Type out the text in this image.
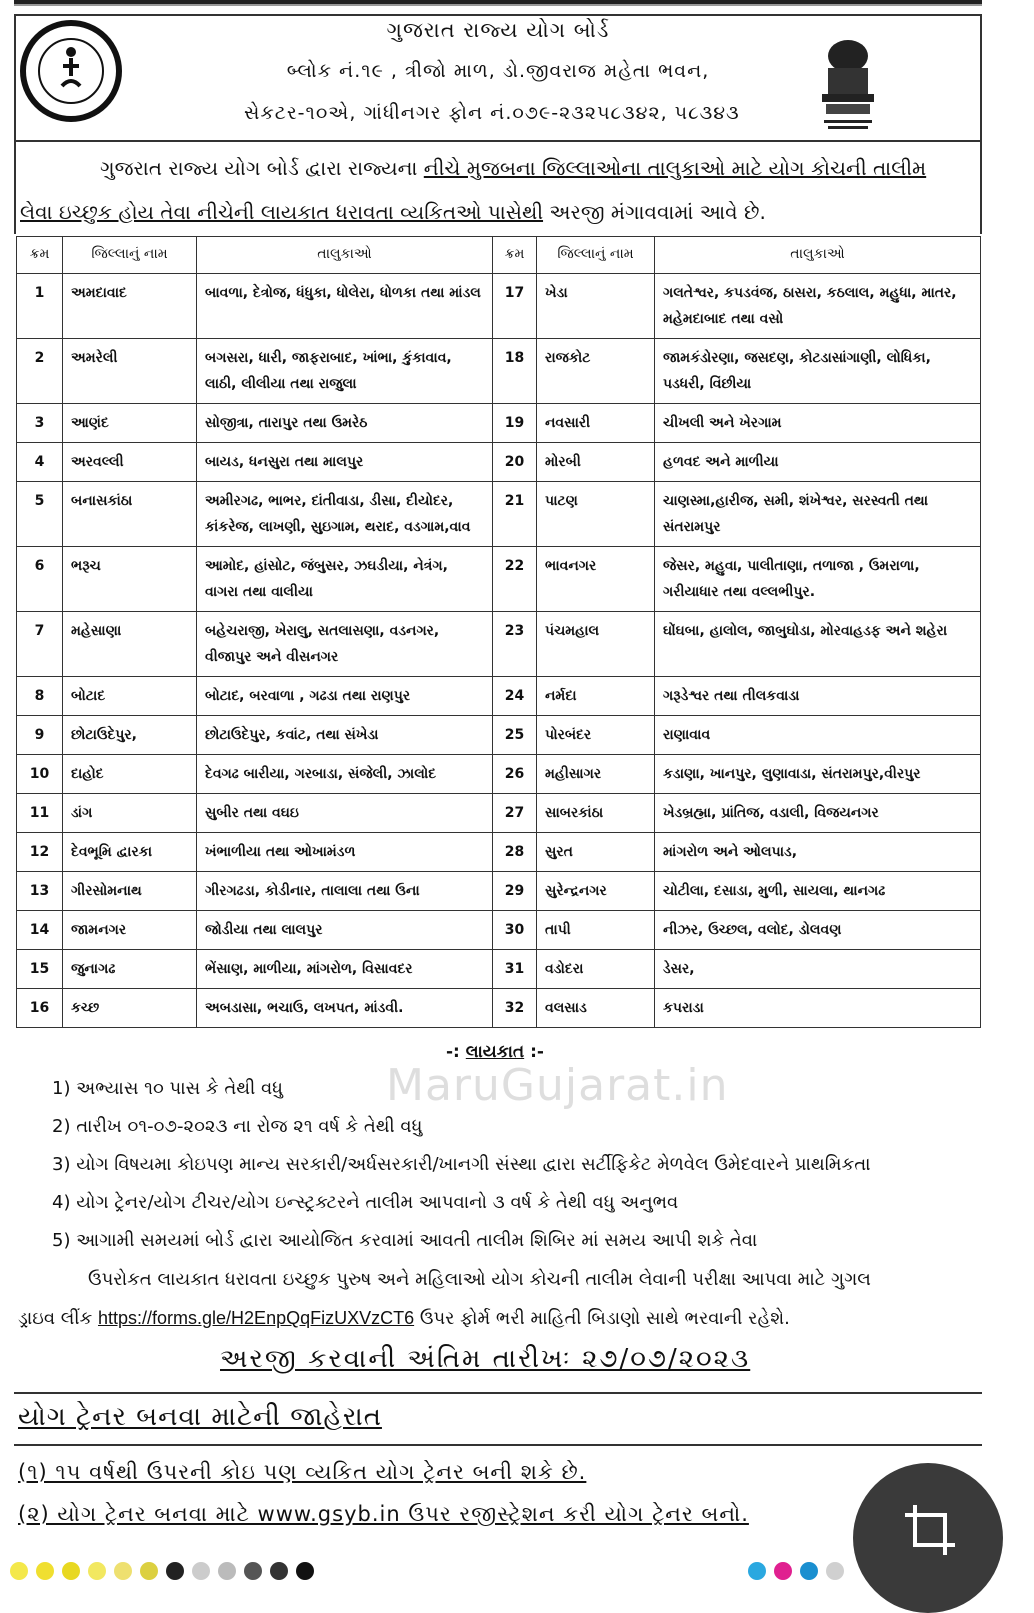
ગુજરાત રાજ્ય યોગ બોર્ડ
બ્લોક નં.૧૯ , ત્રીજો માળ, ડો.જીવરાજ મહેતા ભવન,
સેકટર-૧૦એ, ગાંધીનગર ફોન નં.૦૭૯-૨૩૨૫૮૩૪૨, ૫૮૩૪૩

ગુજરાત રાજ્ય યોગ બોર્ડ દ્વારા રાજ્યના નીચે મુજબના જિલ્લાઓના તાલુકાઓ માટે યોગ કોચની તાલીમ

લેવા ઇચ્છુક હોય તેવા નીચેની લાયકાત ધરાવતા વ્યકિતઓ પાસેથી અરજી મંગાવવામાં આવે છે.

ક્રમ	જિલ્લાનું નામ	તાલુકાઓ	ક્રમ	જિલ્લાનું નામ	તાલુકાઓ
1	અમદાવાદ	બાવળા, દેત્રોજ, ધંધુકા, ધોલેરા, ધોળકા તથા માંડલ	17	ખેડા	ગલતેશ્વર, કપડવંજ, ઠાસરા, કઠલાલ, મહુધા, માતર, મહેમદાબાદ તથા વસો
2	અમરેલી	બગસરા, ધારી, જાફરાબાદ, ખાંભા, કુંકાવાવ, લાઠી, લીલીયા તથા રાજુલા	18	રાજકોટ	જામકંડોરણા, જસદણ, કોટડાસાંગાણી, લોધિકા, પડધરી, વિંછીયા
3	આણંદ	સોજીત્રા, તારાપુર તથા ઉમરેઠ	19	નવસારી	ચીખલી અને ખેરગામ
4	અરવલ્લી	બાયડ, ધનસુરા તથા માલપુર	20	મોરબી	હળવદ અને માળીયા
5	બનાસકાંઠા	અમીરગઢ, ભાભર, દાંતીવાડા, ડીસા, દીયોદર, કાંકરેજ, લાખણી, સુઇગામ, થરાદ, વડગામ,વાવ	21	પાટણ	ચાણસ્મા,હારીજ, સમી, શંખેશ્વર, સરસ્વતી તથા સંતરામપુર
6	ભરૂચ	આમોદ, હાંસોટ, જંબુસર, ઝઘડીયા, નેત્રંગ, વાગરા તથા વાલીયા	22	ભાવનગર	જેસર, મહુવા, પાલીતાણા, તળાજા , ઉમરાળા, ગરીયાધાર તથા વલ્લભીપુર.
7	મહેસાણા	બહેચરાજી, ખેરાલુ, સતલાસણા, વડનગર, વીજાપુર અને વીસનગર	23	પંચમહાલ	ઘોંઘબા, હાલોલ, જાબુઘોડા, મોરવાહડફ અને શહેરા
8	બોટાદ	બોટાદ, બરવાળા , ગઢડા તથા રાણપુર	24	નર્મદા	ગરૂડેશ્વર તથા તીલકવાડા
9	છોટાઉદેપુર,	છોટાઉદેપુર, કવાંટ, તથા સંખેડા	25	પોરબંદર	રાણાવાવ
10	દાહોદ	દેવગઢ બારીયા, ગરબાડા, સંજેલી, ઝાલોદ	26	મહીસાગર	કડાણા, ખાનપુર, લુણાવાડા, સંતરામપુર,વીરપુર
11	ડાંગ	સુબીર તથા વઘઇ	27	સાબરકાંઠા	ખેડબ્રહ્મા, પ્રાંતિજ, વડાલી, વિજયનગર
12	દેવભૂમિ દ્વારકા	ખંભાળીયા તથા ઓખામંડળ	28	સુરત	માંગરોળ અને ઓલપાડ,
13	ગીરસોમનાથ	ગીરગઢડા, કોડીનાર, તાલાલા તથા ઉના	29	સુરેન્દ્રનગર	ચોટીલા, દસાડા, મુળી, સાયલા, થાનગઢ
14	જામનગર	જોડીયા તથા લાલપુર	30	તાપી	નીઝર, ઉચ્છલ, વલોદ, ડોલવણ
15	જુનાગઢ	ભેંસાણ, માળીયા, માંગરોળ, વિસાવદર	31	વડોદરા	ડેસર,
16	કચ્છ	અબડાસા, ભચાઉ, લખપત, માંડવી.	32	વલસાડ	કપરાડા
-: લાયકાત :-
MaruGujarat.in
1) અભ્યાસ ૧૦ પાસ કે તેથી વધુ
2) તારીખ ૦૧-૦૭-૨૦૨૩ ના રોજ ૨૧ વર્ષ કે તેથી વધુ
3) યોગ વિષયમા કોઇપણ માન્ય સરકારી/અર્ધસરકારી/ખાનગી સંસ્થા દ્વારા સર્ટીફિકેટ મેળવેલ ઉમેદવારને પ્રાથમિકતા
4) યોગ ટ્રેનર/યોગ ટીચર/યોગ ઇન્સ્ટ્રક્ટરને તાલીમ આપવાનો ૩ વર્ષ કે તેથી વધુ અનુભવ
5) આગામી સમયમાં બોર્ડ દ્વારા આયોજિત કરવામાં આવતી તાલીમ શિબિર માં સમય આપી શકે તેવા
ઉપરોકત લાયકાત ધરાવતા ઇચ્છુક પુરુષ અને મહિલાઓ યોગ કોચની તાલીમ લેવાની પરીક્ષા આપવા માટે ગુગલ
ડ્રાઇવ લીંક https://forms.gle/H2EnpQqFizUXVzCT6 ઉપર ફોર્મ ભરી માહિતી બિડાણો સાથે ભરવાની રહેશે.
અરજી કરવાની અંતિમ તારીખઃ ૨૭/૦૭/૨૦૨૩
યોગ ટ્રેનર બનવા માટેની જાહેરાત
(૧) ૧૫ વર્ષથી ઉપરની કોઇ પણ વ્યકિત યોગ ટ્રેનર બની શકે છે.
(૨) યોગ ટ્રેનર બનવા માટે www.gsyb.in ઉપર રજીસ્ટ્રેશન કરી યોગ ટ્રેનર બનો.
